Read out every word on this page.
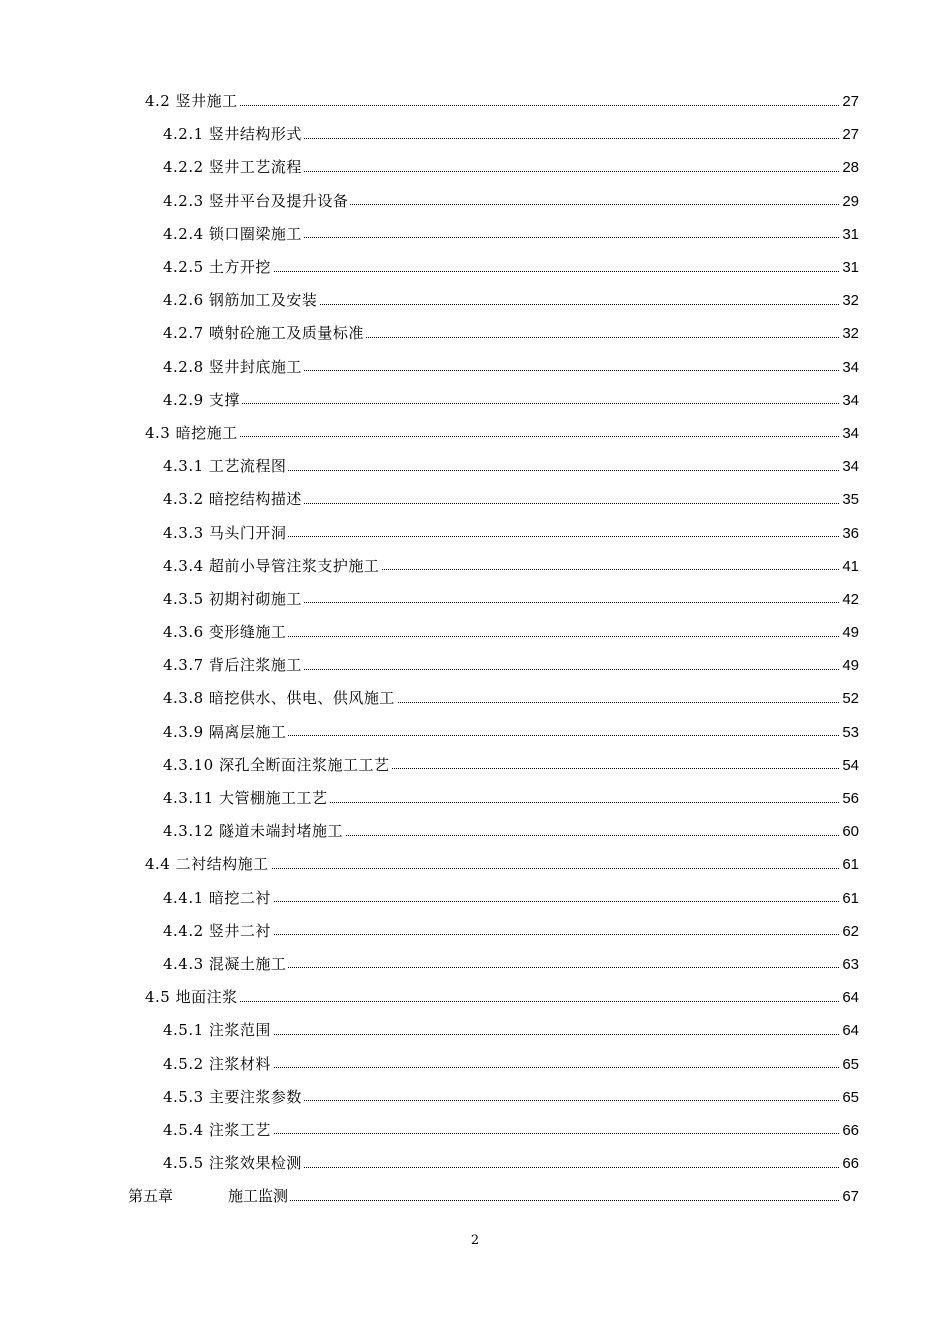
4.2 竖井施工	27
4.2.1 竖井结构形式	27
4.2.2 竖井工艺流程	28
4.2.3 竖井平台及提升设备	29
4.2.4 锁口圈梁施工	31
4.2.5 土方开挖	31
4.2.6 钢筋加工及安装	32
4.2.7 喷射砼施工及质量标准	32
4.2.8 竖井封底施工	34
4.2.9 支撑	34
4.3 暗挖施工	34
4.3.1 工艺流程图	34
4.3.2 暗挖结构描述	35
4.3.3 马头门开洞	36
4.3.4 超前小导管注浆支护施工	41
4.3.5 初期衬砌施工	42
4.3.6 变形缝施工	49
4.3.7 背后注浆施工	49
4.3.8 暗挖供水、供电、供风施工	52
4.3.9 隔离层施工	53
4.3.10 深孔全断面注浆施工工艺	54
4.3.11 大管棚施工工艺	56
4.3.12 隧道未端封堵施工	60
4.4 二衬结构施工	61
4.4.1 暗挖二衬	61
4.4.2 竖井二衬	62
4.4.3 混凝土施工	63
4.5 地面注浆	64
4.5.1 注浆范围	64
4.5.2 注浆材料	65
4.5.3 主要注浆参数	65
4.5.4 注浆工艺	66
4.5.5 注浆效果检测	66
第五章	施工监测	67
2
